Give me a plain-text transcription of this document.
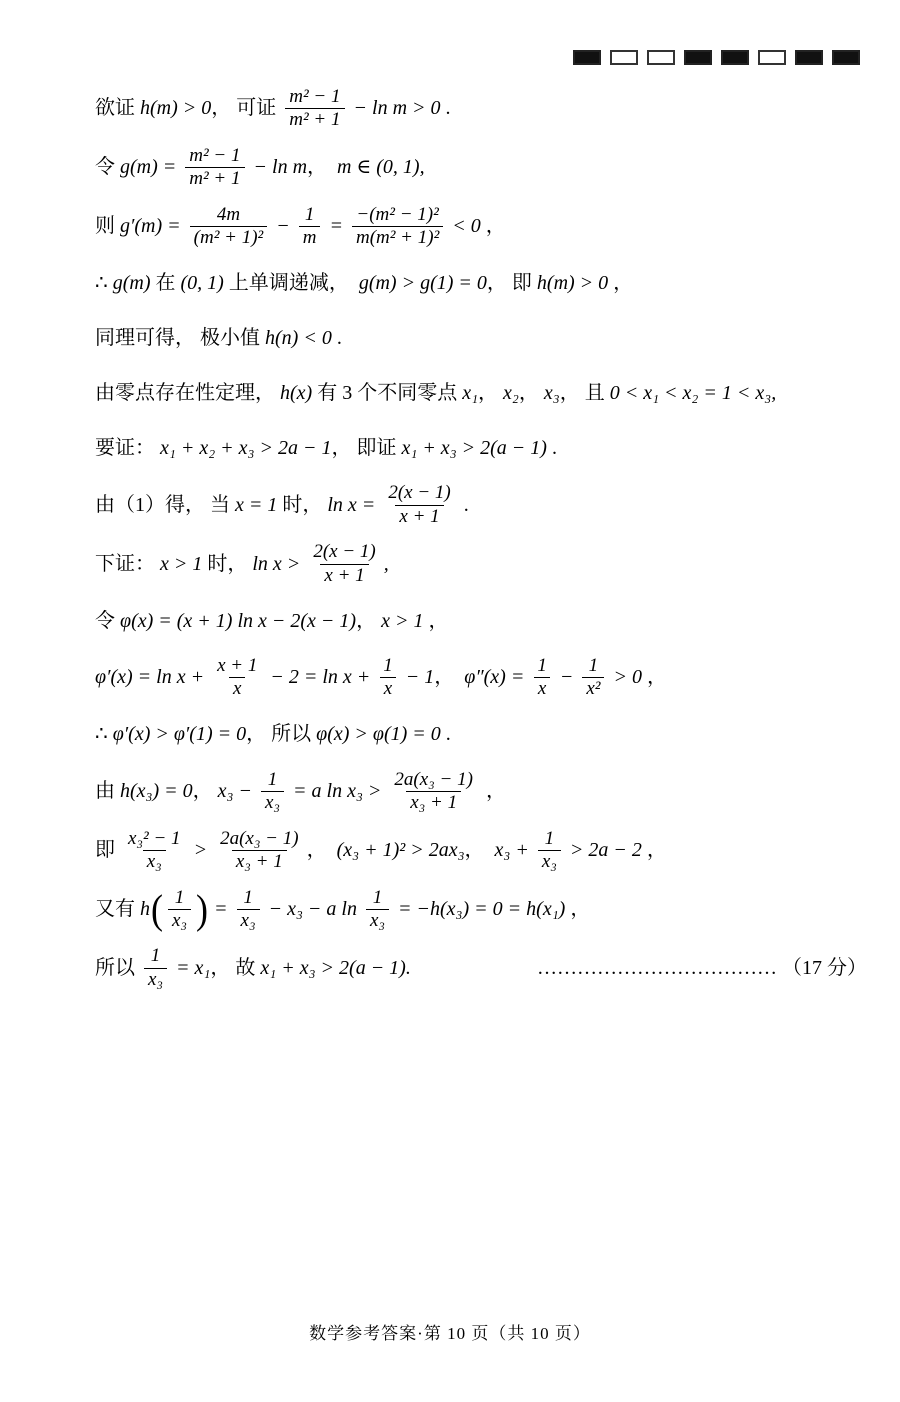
欲证 h(m) > 0 ， 可证 $\frac{\text{m² − 1}}{\text{m² + 1}} - \ln m > 0$ .
令 $g(m) = \frac{\text{m² − 1}}{\text{m² + 1}} - \ln m$ ， m ∈ (0, 1),
则 $g'(m) = \frac{4m}{\text{(m² + 1)²}} - \frac{1}{m} = \frac{\text{−(m² − 1)²}}{\text{m(m² + 1)²}} < 0$ ，
∴ g(m) 在 (0, 1) 上单调递减， g(m) > g(1) = 0 ， 即 h(m) > 0 ，
同理可得， 极小值 h(n) < 0 .
由零点存在性定理， h(x) 有 3 个不同零点 x₁ ， x₂ ， x₃ ， 且 0 < x₁ < x₂ = 1 < x₃,
要证： x₁ + x₂ + x₃ > 2a − 1 ， 即证 x₁ + x₃ > 2(a − 1) .
由（1）得， 当 x = 1 时， $\ln x = \frac{2(x - 1)}{x + 1}$ .
下证： x > 1 时， $\ln x > \frac{2(x - 1)}{x + 1}$ ,
令 φ(x) = (x + 1) ln x − 2(x − 1) ， x > 1 ，
$\varphi'(x) = \ln x + \frac{x + 1}{x} - 2 = \ln x + \frac{1}{x} - 1$ ， $\varphi''(x) = \frac{1}{x} - \frac{1}{\text{x²}} > 0$ ，
∴ φ′(x) > φ′(1) = 0 ， 所以 φ(x) > φ(1) = 0 .
由 h(x₃) = 0 ， $x_3 - \frac{1}{\text{x₃}} = a$ $\ln x_3 > \frac{\text{2a(x₃ − 1)}}{\text{x₃ + 1}}$ ，
即 $\frac{\text{x₃² − 1}}{\text{x₃}} > \frac{\text{2a(x₃ − 1)}}{\text{x₃ + 1}}$ ， (x₃ + 1)² > 2ax₃ ， $x_3 + \frac{1}{\text{x₃}} > 2a - 2$ ，
又有 h ( $\frac{1}{\text{x₃}}$ ) = $\frac{1}{\text{x₃}} - x_3 - a$ $\ln \frac{1}{\text{x₃}} = -h(x_3) = 0 = h(x_1)$ ，
所以 $\frac{1}{\text{x₃}} = x_1$ ， 故 x₁ + x₃ > 2(a − 1).	……………………………… （17 分）
数学参考答案·第 10 页（共 10 页）
